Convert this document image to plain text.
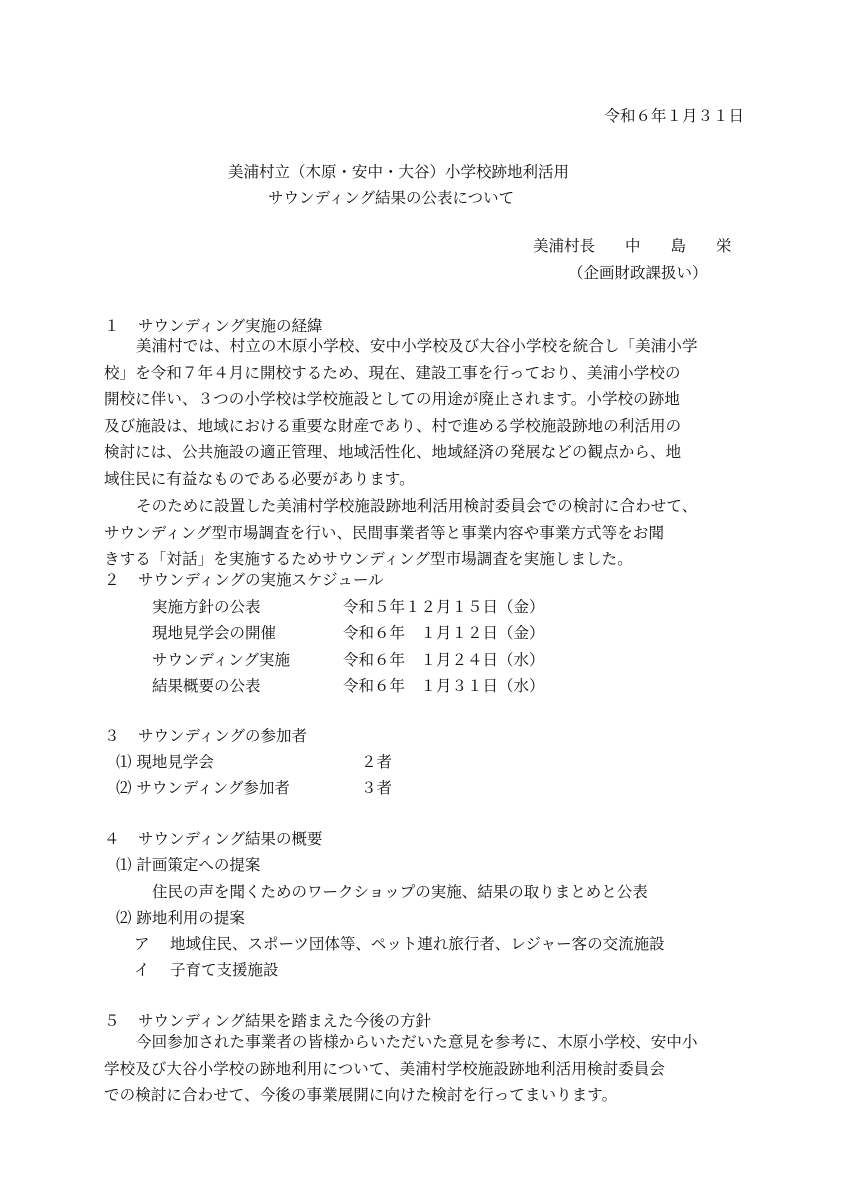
令和６年１月３１日
美浦村立（木原・安中・大谷）小学校跡地利活用
サウンディング結果の公表について
美浦村長 中 島 栄
（企画財政課扱い）
１ サウンディング実施の経緯
美浦村では、村立の木原小学校、安中小学校及び大谷小学校を統合し「美浦小学
校」を令和７年４月に開校するため、現在、建設工事を行っており、美浦小学校の
開校に伴い、３つの小学校は学校施設としての用途が廃止されます。小学校の跡地
及び施設は、地域における重要な財産であり、村で進める学校施設跡地の利活用の
検討には、公共施設の適正管理、地域活性化、地域経済の発展などの観点から、地
域住民に有益なものである必要があります。
そのために設置した美浦村学校施設跡地利活用検討委員会での検討に合わせて、
サウンディング型市場調査を行い、民間事業者等と事業内容や事業方式等をお聞
きする「対話」を実施するためサウンディング型市場調査を実施しました。
２ サウンディングの実施スケジュール
実施方針の公表	令和５年１２月１５日（金）
現地見学会の開催	令和６年　１月１２日（金）
サウンディング実施	令和６年　１月２４日（水）
結果概要の公表	令和６年　１月３１日（水）
３ サウンディングの参加者
⑴ 現地見学会	２者
⑵ サウンディング参加者	３者
４ サウンディング結果の概要
⑴ 計画策定への提案
住民の声を聞くためのワークショップの実施、結果の取りまとめと公表
⑵ 跡地利用の提案
ア 地域住民、スポーツ団体等、ペット連れ旅行者、レジャー客の交流施設
イ 子育て支援施設
５ サウンディング結果を踏まえた今後の方針
今回参加された事業者の皆様からいただいた意見を参考に、木原小学校、安中小
学校及び大谷小学校の跡地利用について、美浦村学校施設跡地利活用検討委員会
での検討に合わせて、今後の事業展開に向けた検討を行ってまいります。
